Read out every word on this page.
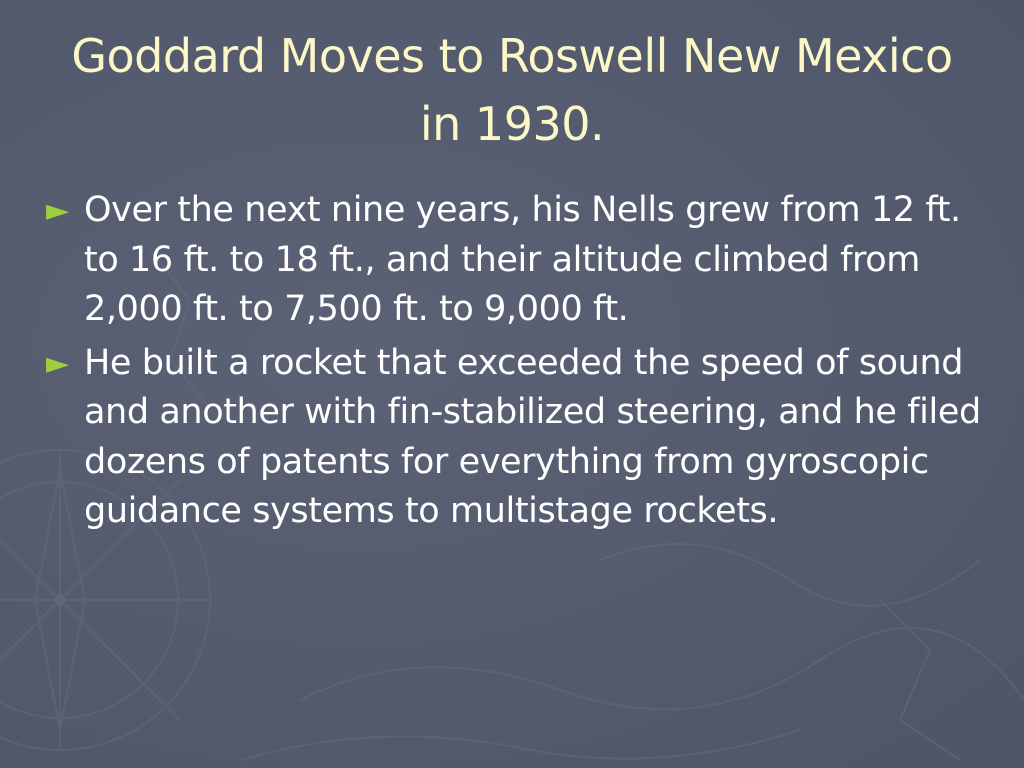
Goddard Moves to Roswell New Mexico in 1930.
► Over the next nine years, his Nells grew from 12 ft. to 16 ft. to 18 ft., and their altitude climbed from 2,000 ft. to 7,500 ft. to 9,000 ft.
► He built a rocket that exceeded the speed of sound and another with fin-stabilized steering, and he filed dozens of patents for everything from gyroscopic guidance systems to multistage rockets.
